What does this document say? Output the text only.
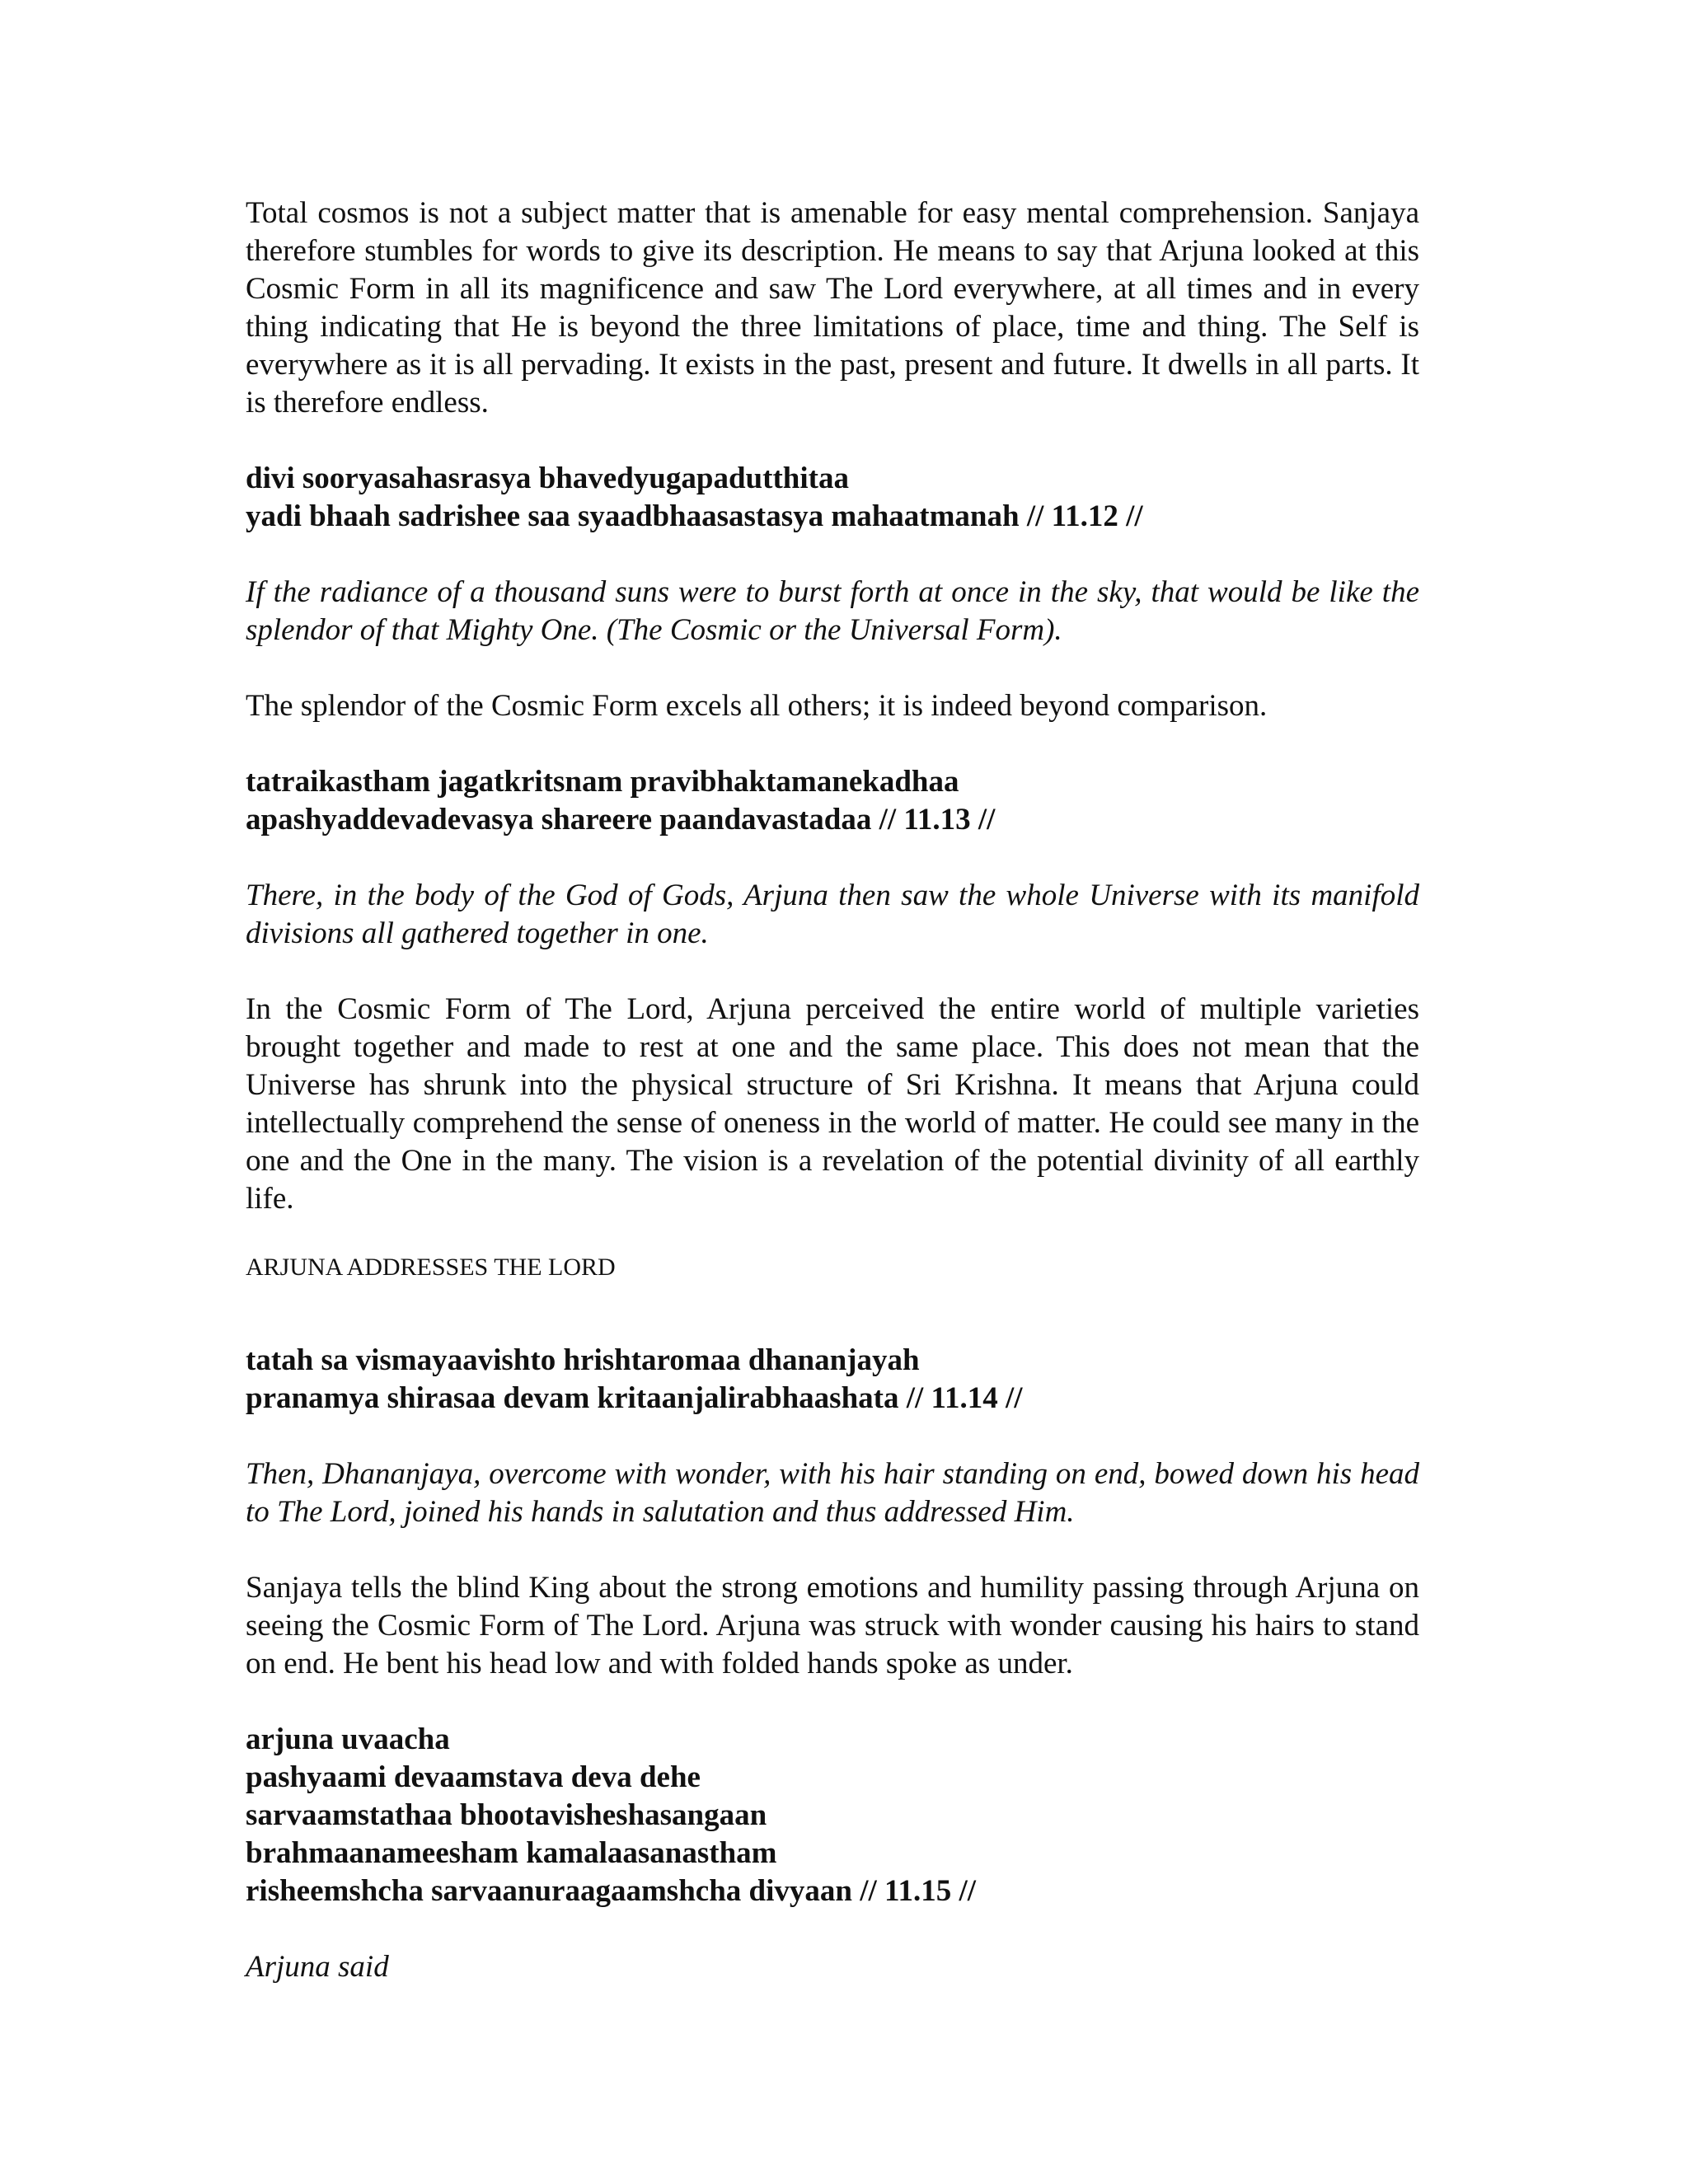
Total cosmos is not a subject matter that is amenable for easy mental comprehension. Sanjaya therefore stumbles for words to give its description. He means to say that Arjuna looked at this Cosmic Form in all its magnificence and saw The Lord everywhere, at all times and in every thing indicating that He is beyond the three limitations of place, time and thing. The Self is everywhere as it is all pervading. It exists in the past, present and future. It dwells in all parts. It is therefore endless.

divi sooryasahasrasya bhavedyugapadutthitaa
yadi bhaah sadrishee saa syaadbhaasastasya mahaatmanah // 11.12 //

If the radiance of a thousand suns were to burst forth at once in the sky, that would be like the splendor of that Mighty One. (The Cosmic or the Universal Form).

The splendor of the Cosmic Form excels all others; it is indeed beyond comparison.

tatraikastham jagatkritsnam pravibhaktamanekadhaa
apashyaddevadevasya shareere paandavastadaa // 11.13 //

There, in the body of the God of Gods, Arjuna then saw the whole Universe with its manifold divisions all gathered together in one.

In the Cosmic Form of The Lord, Arjuna perceived the entire world of multiple varieties brought together and made to rest at one and the same place. This does not mean that the Universe has shrunk into the physical structure of Sri Krishna. It means that Arjuna could intellectually comprehend the sense of oneness in the world of matter. He could see many in the one and the One in the many. The vision is a revelation of the potential divinity of all earthly life.

ARJUNA ADDRESSES THE LORD

tatah sa vismayaavishto hrishtaromaa dhananjayah
pranamya shirasaa devam kritaanjalirabhaashata // 11.14 //

Then, Dhananjaya, overcome with wonder, with his hair standing on end, bowed down his head to The Lord, joined his hands in salutation and thus addressed Him.

Sanjaya tells the blind King about the strong emotions and humility passing through Arjuna on seeing the Cosmic Form of The Lord. Arjuna was struck with wonder causing his hairs to stand on end. He bent his head low and with folded hands spoke as under.

arjuna uvaacha
pashyaami devaamstava deva dehe
sarvaamstathaa bhootavisheshasangaan
brahmaanameesham kamalaasanastham
risheemshcha sarvaanuraagaamshcha divyaan // 11.15 //

Arjuna said
